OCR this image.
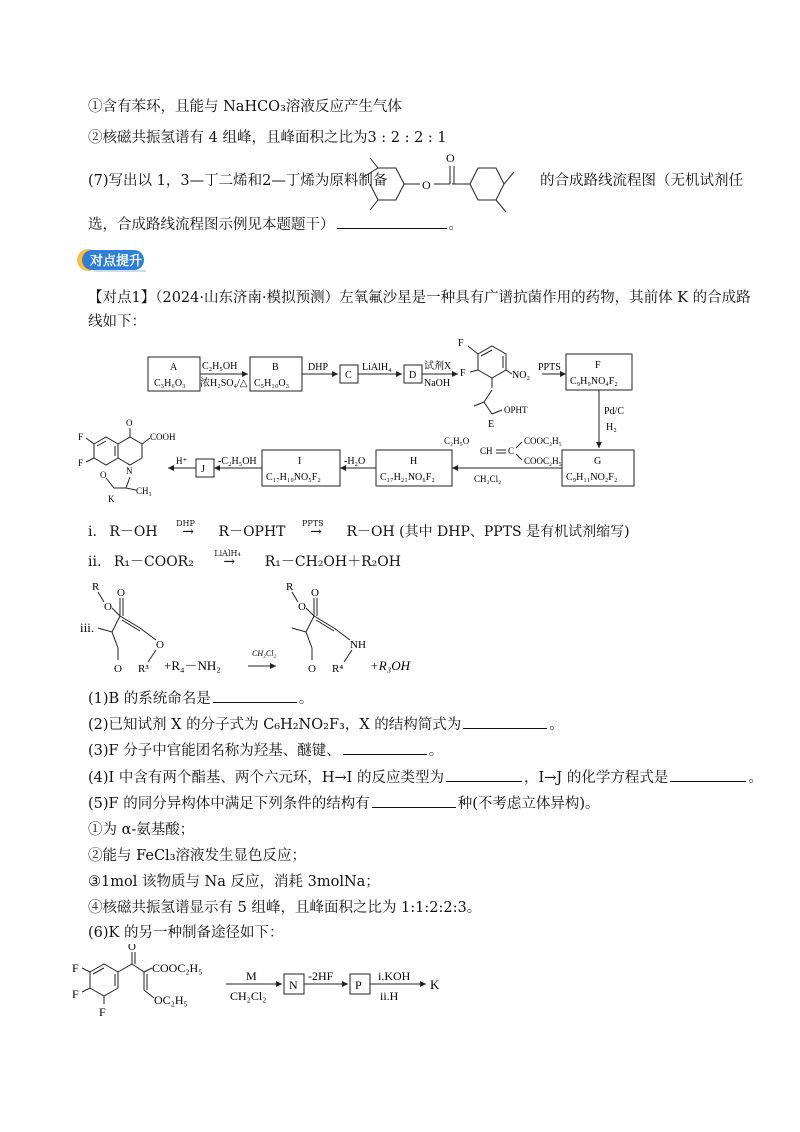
①含有苯环，且能与 NaHCO₃溶液反应产生气体
②核磁共振氢谱有 4 组峰，且峰面积之比为3 : 2 : 2 : 1
(7)写出以 1，3—丁二烯和2—丁烯为原料制备	O
O
的合成路线流程图（无机试剂任
选，合成路线流程图示例见本题题干）	。
对点提升
【对点1】（2024·山东济南·模拟预测）左氧氟沙星是一种具有广谱抗菌作用的药物，其前体 K 的合成路
线如下：
A
C₃H₆O₃
C₂H₅OH
浓H₂SO₄/△
B
C₅H₁₀O₃
DHP
C
LiAlH₄
D
试剂X
NaOH
F
F	NO₂
OPHT
E
PPTS	F
C₉H₉NO₄F₂
Pd/C
H₂
G
C₉H₁₁NO₂F₂
C₂H₅O
CH C
COOC₂H₅
COOC₂H₅
CH₂Cl₂
H
C₁₇H₂₁NO₆F₂
-H₂O
I
C₁₇H₁₉NO₅F₂
-C₂H₅OH
J
H⁺
O
COOH
F
F
N
O
CH₃
K
i. R－OH
DHP
→ R－OPHT
PPTS
→ R－OH (其中 DHP、PPTS 是有机试剂缩写)
ii. R₁－COOR₂
LiAlH₄
→ R₁－CH₂OH＋R₂OH
iii.
R
O
O
O
O
R³ +R₄－NH₂
CH₂Cl₂
R
O
O
O
NH
R⁴ +R₃OH
(1)B 的系统命名是	。
(2)已知试剂 X 的分子式为 C₆H₂NO₂F₃，X 的结构简式为	。
(3)F 分子中官能团名称为羟基、醚键、	。
(4)I 中含有两个酯基、两个六元环，H→I 的反应类型为	，I→J 的化学方程式是	。
(5)F 的同分异构体中满足下列条件的结构有	种(不考虑立体异构)。
①为 α-氨基酸；
②能与 FeCl₃溶液发生显色反应；
③1mol 该物质与 Na 反应，消耗 3molNa；
④核磁共振氢谱显示有 5 组峰，且峰面积之比为 1:1:2:2:3。
(6)K 的另一种制备途径如下：
F
F
F
O
COOC₂H₅
OC₂H₅
M
CH₂Cl₂
N
-2HF
P
i.KOH
ii.H
K
